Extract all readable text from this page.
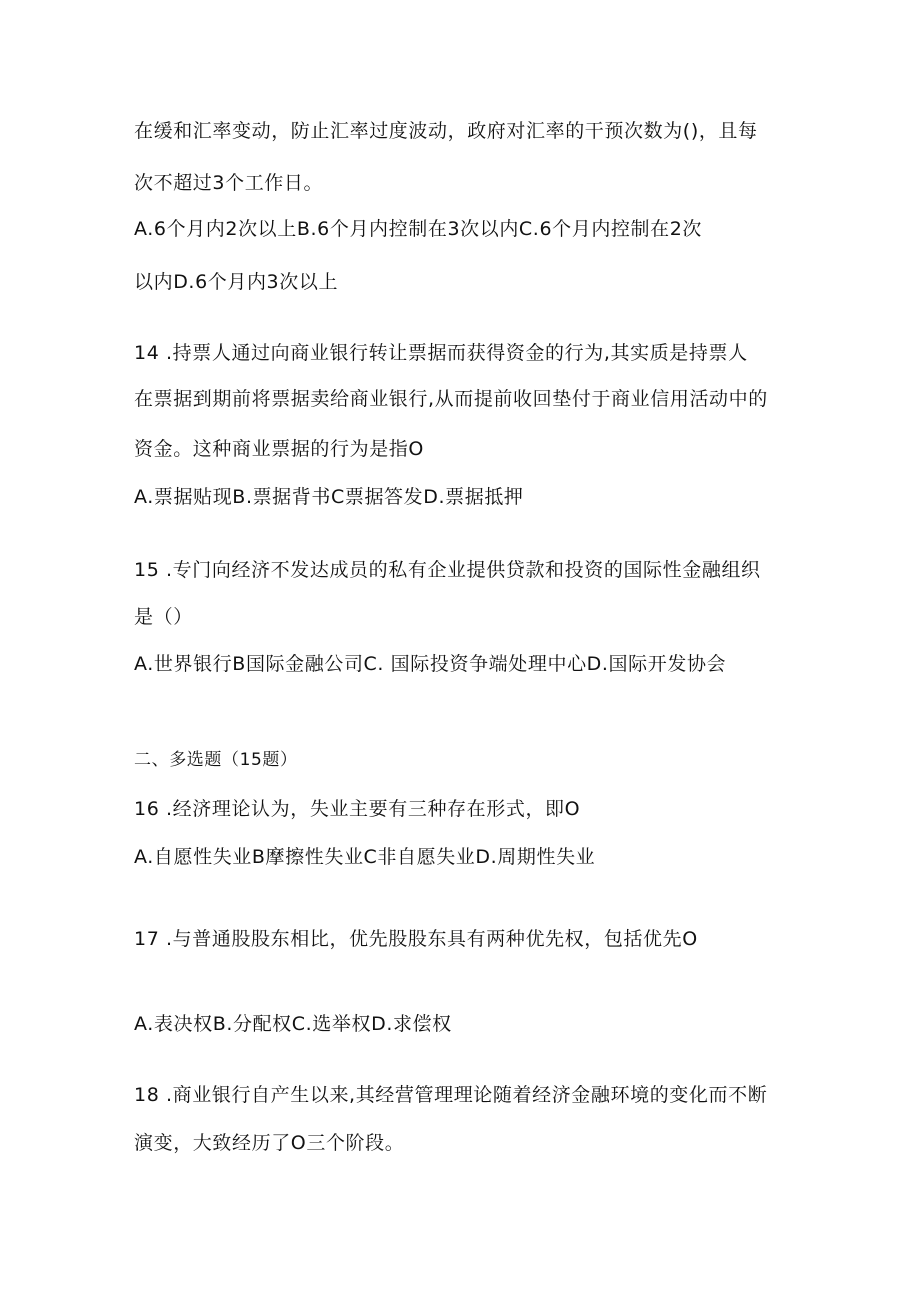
在缓和汇率变动，防止汇率过度波动，政府对汇率的干预次数为()，且每
次不超过3个工作日。
A.6个月内2次以上B.6个月内控制在3次以内C.6个月内控制在2次
以内D.6个月内3次以上
14 .持票人通过向商业银行转让票据而获得资金的行为,其实质是持票人
在票据到期前将票据卖给商业银行,从而提前收回垫付于商业信用活动中的
资金。这种商业票据的行为是指O
A.票据贴现B.票据背书C票据答发D.票据抵押
15 .专门向经济不发达成员的私有企业提供贷款和投资的国际性金融组织
是（）
A.世界银行B国际金融公司C. 国际投资争端处理中心D.国际开发协会
二、多选题（15题）
16 .经济理论认为，失业主要有三种存在形式，即O
A.自愿性失业B摩擦性失业C非自愿失业D.周期性失业
17 .与普通股股东相比，优先股股东具有两种优先权，包括优先O
A.表决权B.分配权C.选举权D.求偿权
18 .商业银行自产生以来,其经营管理理论随着经济金融环境的变化而不断
演变，大致经历了O三个阶段。
